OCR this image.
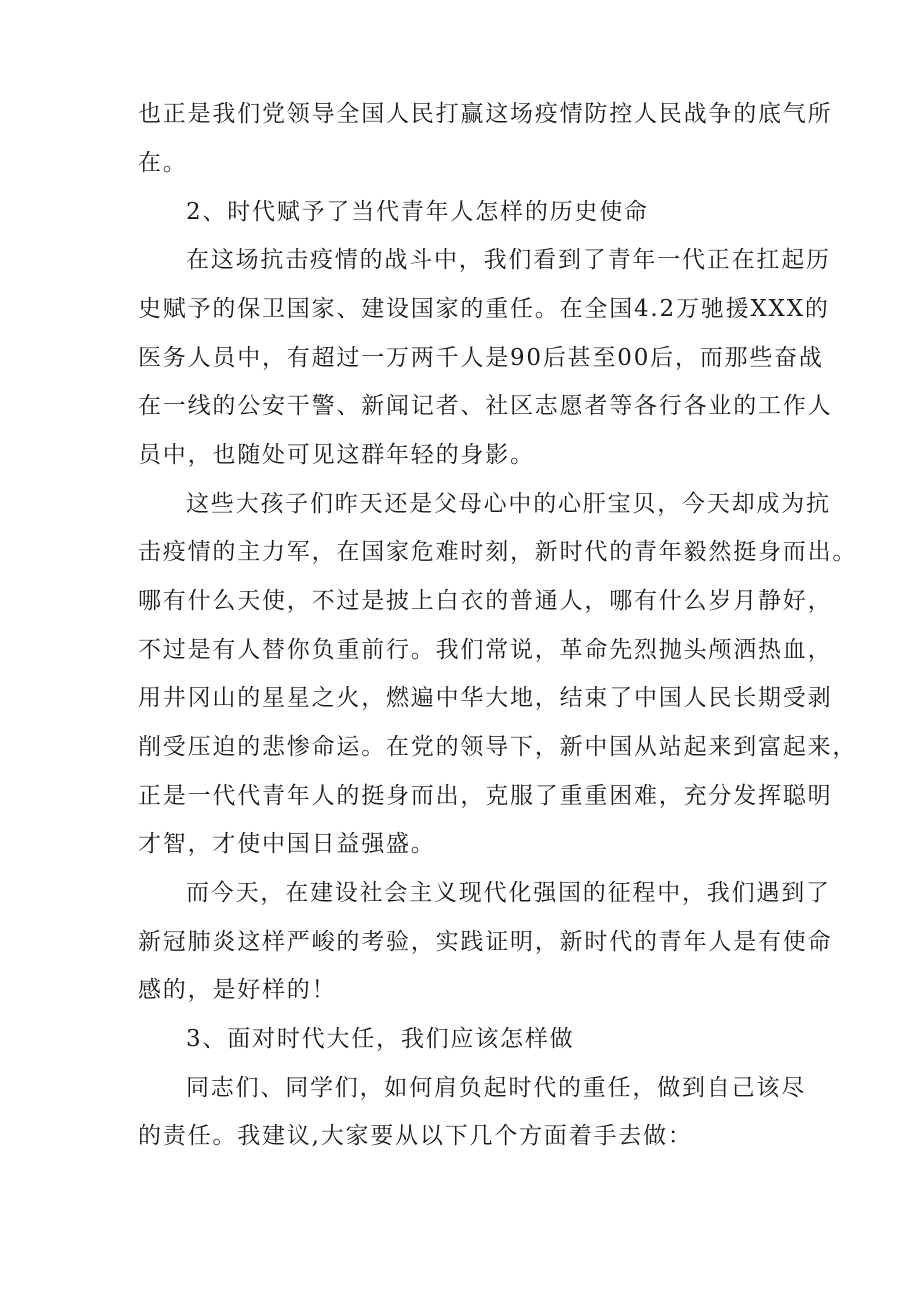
也正是我们党领导全国人民打赢这场疫情防控人民战争的底气所
在。
2、时代赋予了当代青年人怎样的历史使命
在这场抗击疫情的战斗中，我们看到了青年一代正在扛起历
史赋予的保卫国家、建设国家的重任。在全国4.2万驰援XXX的
医务人员中，有超过一万两千人是90后甚至00后，而那些奋战
在一线的公安干警、新闻记者、社区志愿者等各行各业的工作人
员中，也随处可见这群年轻的身影。
这些大孩子们昨天还是父母心中的心肝宝贝，今天却成为抗
击疫情的主力军，在国家危难时刻，新时代的青年毅然挺身而出。
哪有什么天使，不过是披上白衣的普通人，哪有什么岁月静好，
不过是有人替你负重前行。我们常说，革命先烈抛头颅洒热血，
用井冈山的星星之火，燃遍中华大地，结束了中国人民长期受剥
削受压迫的悲惨命运。在党的领导下，新中国从站起来到富起来，
正是一代代青年人的挺身而出，克服了重重困难，充分发挥聪明
才智，才使中国日益强盛。
而今天，在建设社会主义现代化强国的征程中，我们遇到了
新冠肺炎这样严峻的考验，实践证明，新时代的青年人是有使命
感的，是好样的！
3、面对时代大任，我们应该怎样做
同志们、同学们，如何肩负起时代的重任，做到自己该尽
的责任。我建议,大家要从以下几个方面着手去做：
